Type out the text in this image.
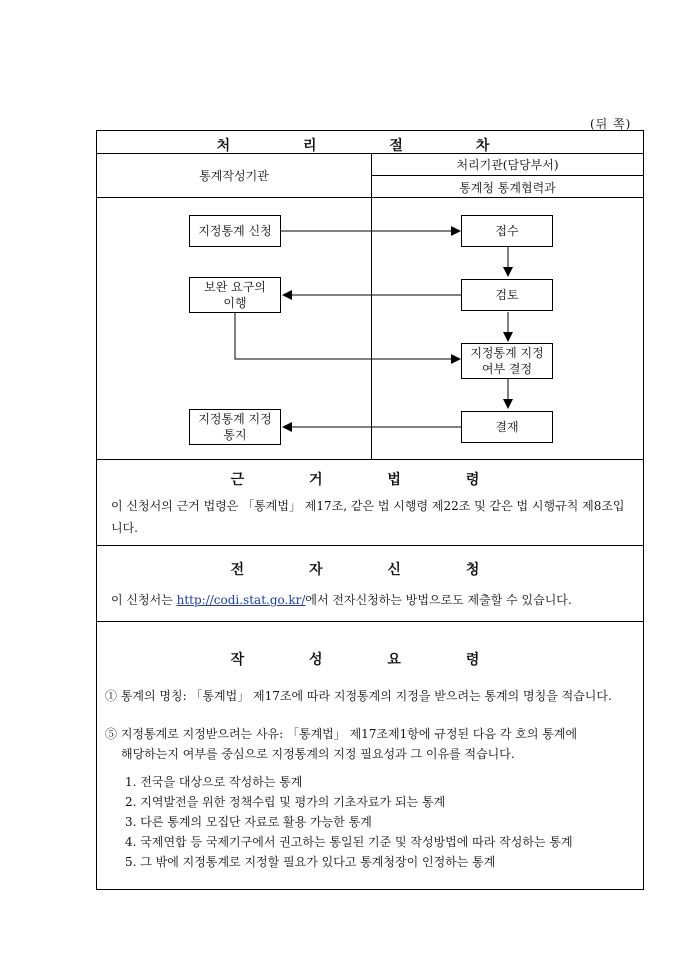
(뒤 쪽)
처 리 절 차
통계작성기관
처리기관(담당부서)
통계청 통계협력과
지정통계 신청	접수
보완 요구의
이행
검토
지정통계 지정
여부 결정
지정통계 지정
통지
결재
근 거 법 령
이 신청서의 근거 법령은 「통계법」 제17조, 같은 법 시행령 제22조 및 같은 법 시행규칙 제8조입니다.
전 자 신 청
이 신청서는 http://codi.stat.go.kr/에서 전자신청하는 방법으로도 제출할 수 있습니다.
작 성 요 령
① 통계의 명칭: 「통계법」 제17조에 따라 지정통계의 지정을 받으려는 통계의 명칭을 적습니다.
⑤ 지정통계로 지정받으려는 사유: 「통계법」 제17조제1항에 규정된 다음 각 호의 통계에
해당하는지 여부를 중심으로 지정통계의 지정 필요성과 그 이유를 적습니다.
1. 전국을 대상으로 작성하는 통계
2. 지역발전을 위한 정책수립 및 평가의 기초자료가 되는 통계
3. 다른 통계의 모집단 자료로 활용 가능한 통계
4. 국제연합 등 국제기구에서 권고하는 통일된 기준 및 작성방법에 따라 작성하는 통계
5. 그 밖에 지정통계로 지정할 필요가 있다고 통계청장이 인정하는 통계
